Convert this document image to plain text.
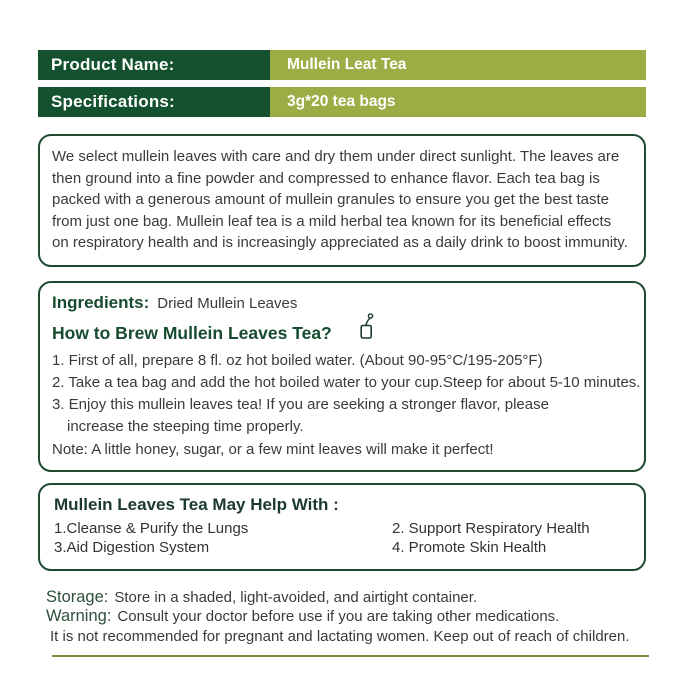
Product Name:	Mullein Leat Tea
Specifications:	3g*20 tea bags
We select mullein leaves with care and dry them under direct sunlight. The leaves are
then ground into a fine powder and compressed to enhance flavor. Each tea bag is
packed with a generous amount of mullein granules to ensure you get the best taste
from just one bag. Mullein leaf tea is a mild herbal tea known for its beneficial effects
on respiratory health and is increasingly appreciated as a daily drink to boost immunity.
Ingredients: Dried Mullein Leaves
How to Brew Mullein Leaves Tea?
1. First of all, prepare 8 fl. oz hot boiled water. (About 90-95°C/195-205°F)
2. Take a tea bag and add the hot boiled water to your cup.Steep for about 5-10 minutes.
3. Enjoy this mullein leaves tea! If you are seeking a stronger flavor, please
increase the steeping time properly.
Note: A little honey, sugar, or a few mint leaves will make it perfect!
Mullein Leaves Tea May Help With :
1.Cleanse & Purify the Lungs	2. Support Respiratory Health
3.Aid Digestion System	4. Promote Skin Health
Storage: Store in a shaded, light-avoided, and airtight container.
Warning: Consult your doctor before use if you are taking other medications.
It is not recommended for pregnant and lactating women. Keep out of reach of children.
